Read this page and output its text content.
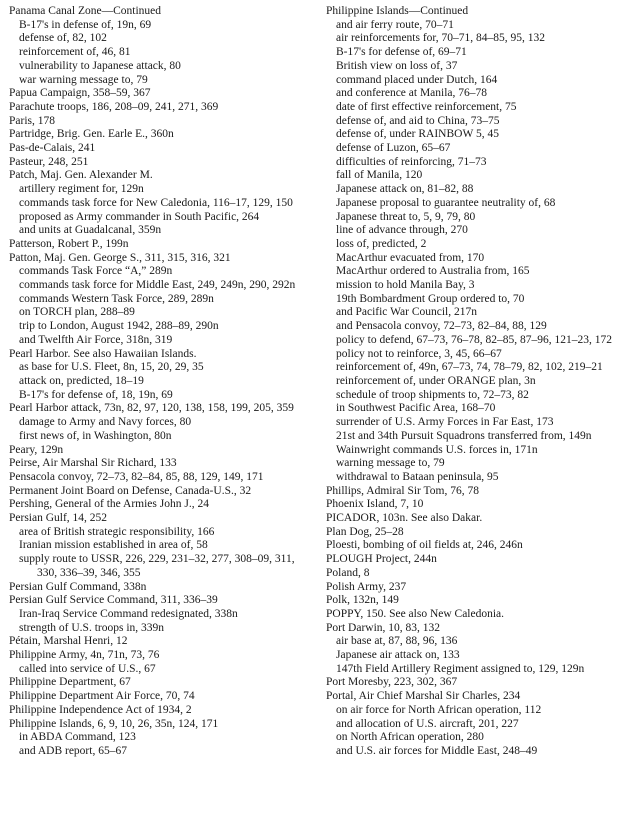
Panama Canal Zone—Continued

B-17's in defense of, 19n, 69

defense of, 82, 102

reinforcement of, 46, 81

vulnerability to Japanese attack, 80

war warning message to, 79

Papua Campaign, 358–59, 367

Parachute troops, 186, 208–09, 241, 271, 369

Paris, 178

Partridge, Brig. Gen. Earle E., 360n

Pas-de-Calais, 241

Pasteur, 248, 251

Patch, Maj. Gen. Alexander M.

artillery regiment for, 129n

commands task force for New Caledonia, 116–17, 129, 150

proposed as Army commander in South Pacific, 264

and units at Guadalcanal, 359n

Patterson, Robert P., 199n

Patton, Maj. Gen. George S., 311, 315, 316, 321

commands Task Force “A,” 289n

commands task force for Middle East, 249, 249n, 290, 292n

commands Western Task Force, 289, 289n

on TORCH plan, 288–89

trip to London, August 1942, 288–89, 290n

and Twelfth Air Force, 318n, 319

Pearl Harbor. See also Hawaiian Islands.

as base for U.S. Fleet, 8n, 15, 20, 29, 35

attack on, predicted, 18–19

B-17's for defense of, 18, 19n, 69

Pearl Harbor attack, 73n, 82, 97, 120, 138, 158, 199, 205, 359

damage to Army and Navy forces, 80

first news of, in Washington, 80n

Peary, 129n

Peirse, Air Marshal Sir Richard, 133

Pensacola convoy, 72–73, 82–84, 85, 88, 129, 149, 171

Permanent Joint Board on Defense, Canada-U.S., 32

Pershing, General of the Armies John J., 24

Persian Gulf, 14, 252

area of British strategic responsibility, 166

Iranian mission established in area of, 58

supply route to USSR, 226, 229, 231–32, 277, 308–09, 311, 330, 336–39, 346, 355

Persian Gulf Command, 338n

Persian Gulf Service Command, 311, 336–39

Iran-Iraq Service Command redesignated, 338n

strength of U.S. troops in, 339n

Pétain, Marshal Henri, 12

Philippine Army, 4n, 71n, 73, 76

called into service of U.S., 67

Philippine Department, 67

Philippine Department Air Force, 70, 74

Philippine Independence Act of 1934, 2

Philippine Islands, 6, 9, 10, 26, 35n, 124, 171

in ABDA Command, 123

and ADB report, 65–67

Philippine Islands—Continued

and air ferry route, 70–71

air reinforcements for, 70–71, 84–85, 95, 132

B-17's for defense of, 69–71

British view on loss of, 37

command placed under Dutch, 164

and conference at Manila, 76–78

date of first effective reinforcement, 75

defense of, and aid to China, 73–75

defense of, under RAINBOW 5, 45

defense of Luzon, 65–67

difficulties of reinforcing, 71–73

fall of Manila, 120

Japanese attack on, 81–82, 88

Japanese proposal to guarantee neutrality of, 68

Japanese threat to, 5, 9, 79, 80

line of advance through, 270

loss of, predicted, 2

MacArthur evacuated from, 170

MacArthur ordered to Australia from, 165

mission to hold Manila Bay, 3

19th Bombardment Group ordered to, 70

and Pacific War Council, 217n

and Pensacola convoy, 72–73, 82–84, 88, 129

policy to defend, 67–73, 76–78, 82–85, 87–96, 121–23, 172

policy not to reinforce, 3, 45, 66–67

reinforcement of, 49n, 67–73, 74, 78–79, 82, 102, 219–21

reinforcement of, under ORANGE plan, 3n

schedule of troop shipments to, 72–73, 82

in Southwest Pacific Area, 168–70

surrender of U.S. Army Forces in Far East, 173

21st and 34th Pursuit Squadrons transferred from, 149n

Wainwright commands U.S. forces in, 171n

warning message to, 79

withdrawal to Bataan peninsula, 95

Phillips, Admiral Sir Tom, 76, 78

Phoenix Island, 7, 10

PICADOR, 103n. See also Dakar.

Plan Dog, 25–28

Ploesti, bombing of oil fields at, 246, 246n

PLOUGH Project, 244n

Poland, 8

Polish Army, 237

Polk, 132n, 149

POPPY, 150. See also New Caledonia.

Port Darwin, 10, 83, 132

air base at, 87, 88, 96, 136

Japanese air attack on, 133

147th Field Artillery Regiment assigned to, 129, 129n

Port Moresby, 223, 302, 367

Portal, Air Chief Marshal Sir Charles, 234

on air force for North African operation, 112

and allocation of U.S. aircraft, 201, 227

on North African operation, 280

and U.S. air forces for Middle East, 248–49
